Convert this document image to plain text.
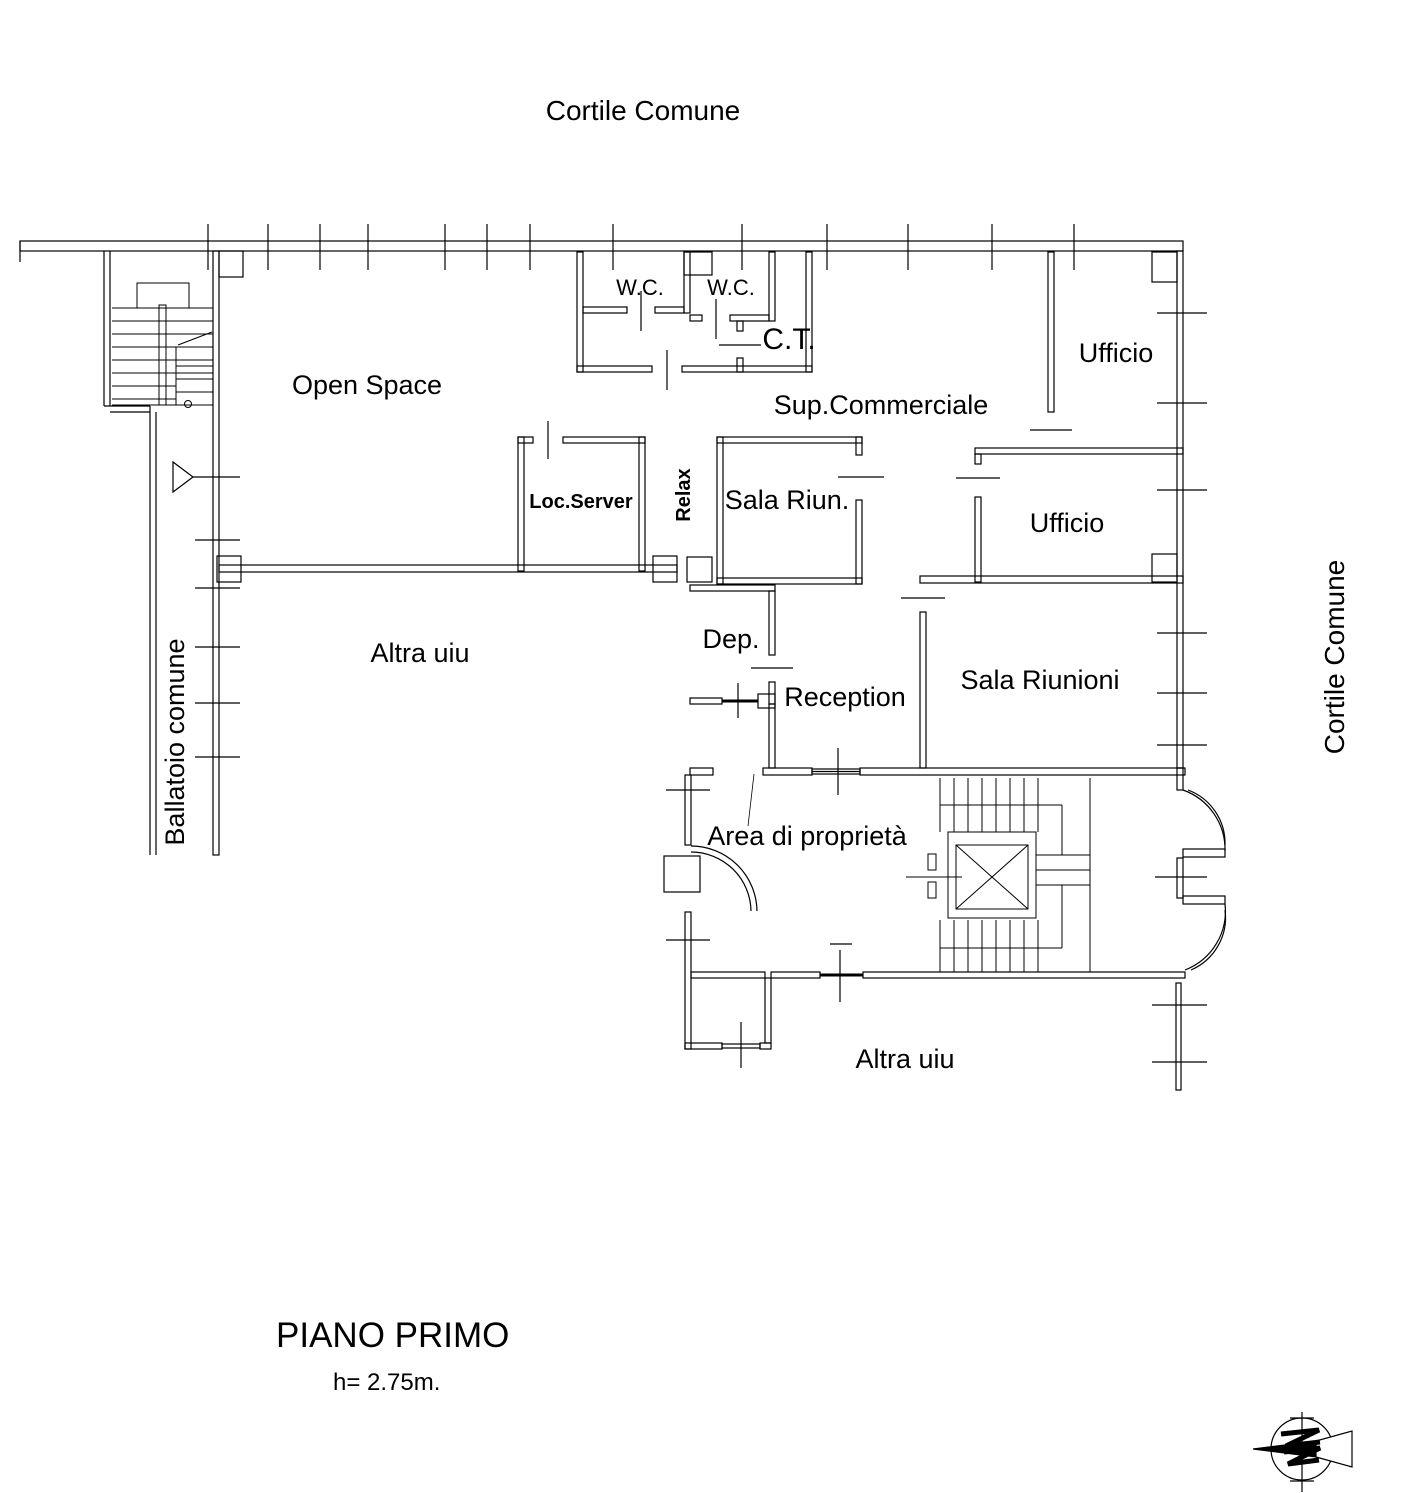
Cortile Comune
Cortile Comune
Ballatoio comune
Open Space
W.C. W.C.
C.T.	Ufficio
Sup.Commerciale
Loc.Server Relax Sala Riun.
Ufficio
Altra uiu	Dep.
Reception
Sala Riunioni
Area di proprietà
Altra uiu
PIANO PRIMO
h= 2.75m.
